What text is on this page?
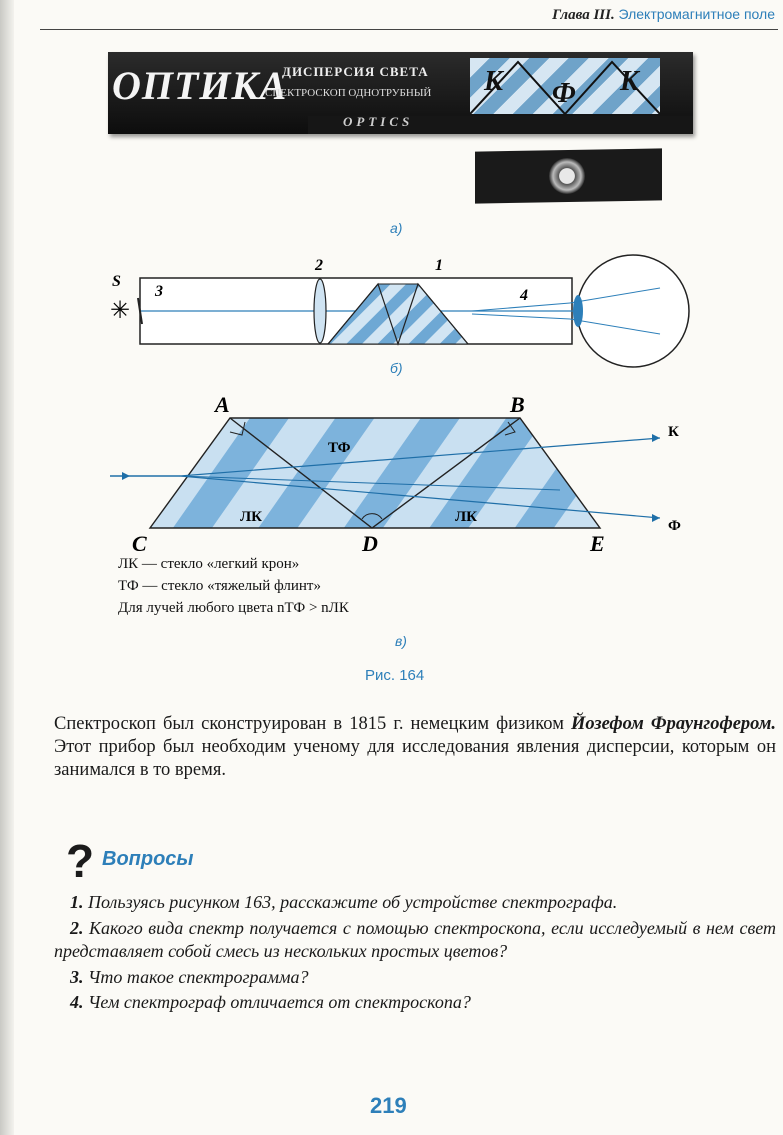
Глава III. Электромагнитное поле
ОПТИКА
ДИСПЕРСИЯ СВЕТА
СПЕКТРОСКОП ОДНОТРУБНЫЙ
OPTICS
К Ф К
а)
S
✳
3
2	1
4
б)
A	B
C	D	E
ТФ
ЛК	ЛК
К
Ф
ЛК — стекло «легкий крон»
ТФ — стекло «тяжелый флинт»
Для лучей любого цвета nТФ > nЛК
в)
Рис. 164
Спектроскоп был сконструирован в 1815 г. немецким физиком Йозефом Фраунгофером. Этот прибор был необходим ученому для исследования явления дисперсии, которым он занимался в то время.
? Вопросы

1. Пользуясь рисунком 163, расскажите об устройстве спектрографа.

2. Какого вида спектр получается с помощью спектроскопа, если исследуемый в нем свет представляет собой смесь из нескольких простых цветов?

3. Что такое спектрограмма?

4. Чем спектрограф отличается от спектроскопа?

219
